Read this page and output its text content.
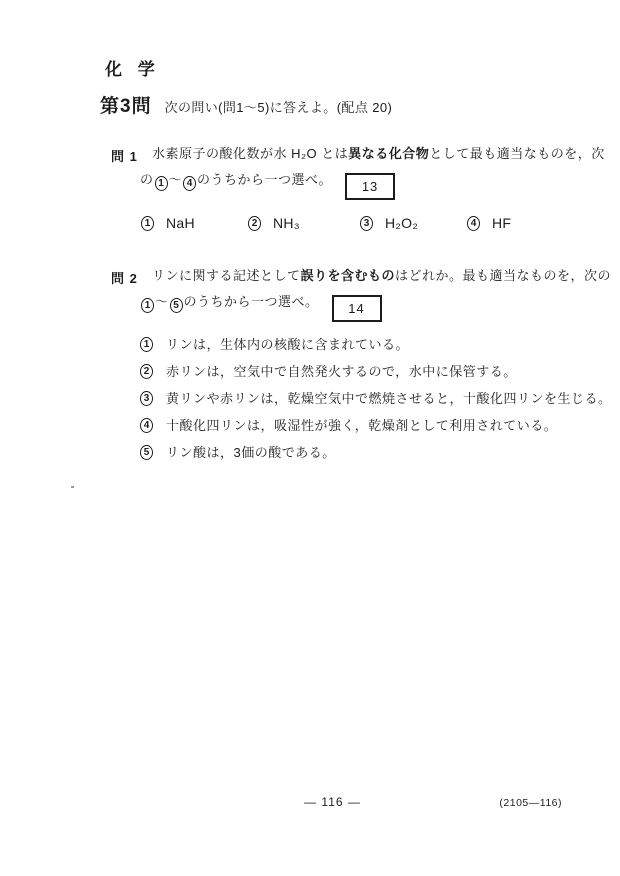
化 学
第3問 次の問い(問1～5)に答えよ。(配点 20)
問 1 水素原子の酸化数が水 H₂O とは異なる化合物として最も適当なものを，次
の 1 ～ 4 のうちから一つ選べ。 13
1 NaH	2 NH₃	3 H₂O₂	4 HF
問 2 リンに関する記述として誤りを含むものはどれか。最も適当なものを，次の
1 ～ 5 のうちから一つ選べ。 14
1 リンは，生体内の核酸に含まれている。
2 赤リンは，空気中で自然発火するので，水中に保管する。
3 黄リンや赤リンは，乾燥空気中で燃焼させると，十酸化四リンを生じる。
4 十酸化四リンは，吸湿性が強く，乾燥剤として利用されている。
5 リン酸は，3価の酸である。
— 116 —	(2105—116)
